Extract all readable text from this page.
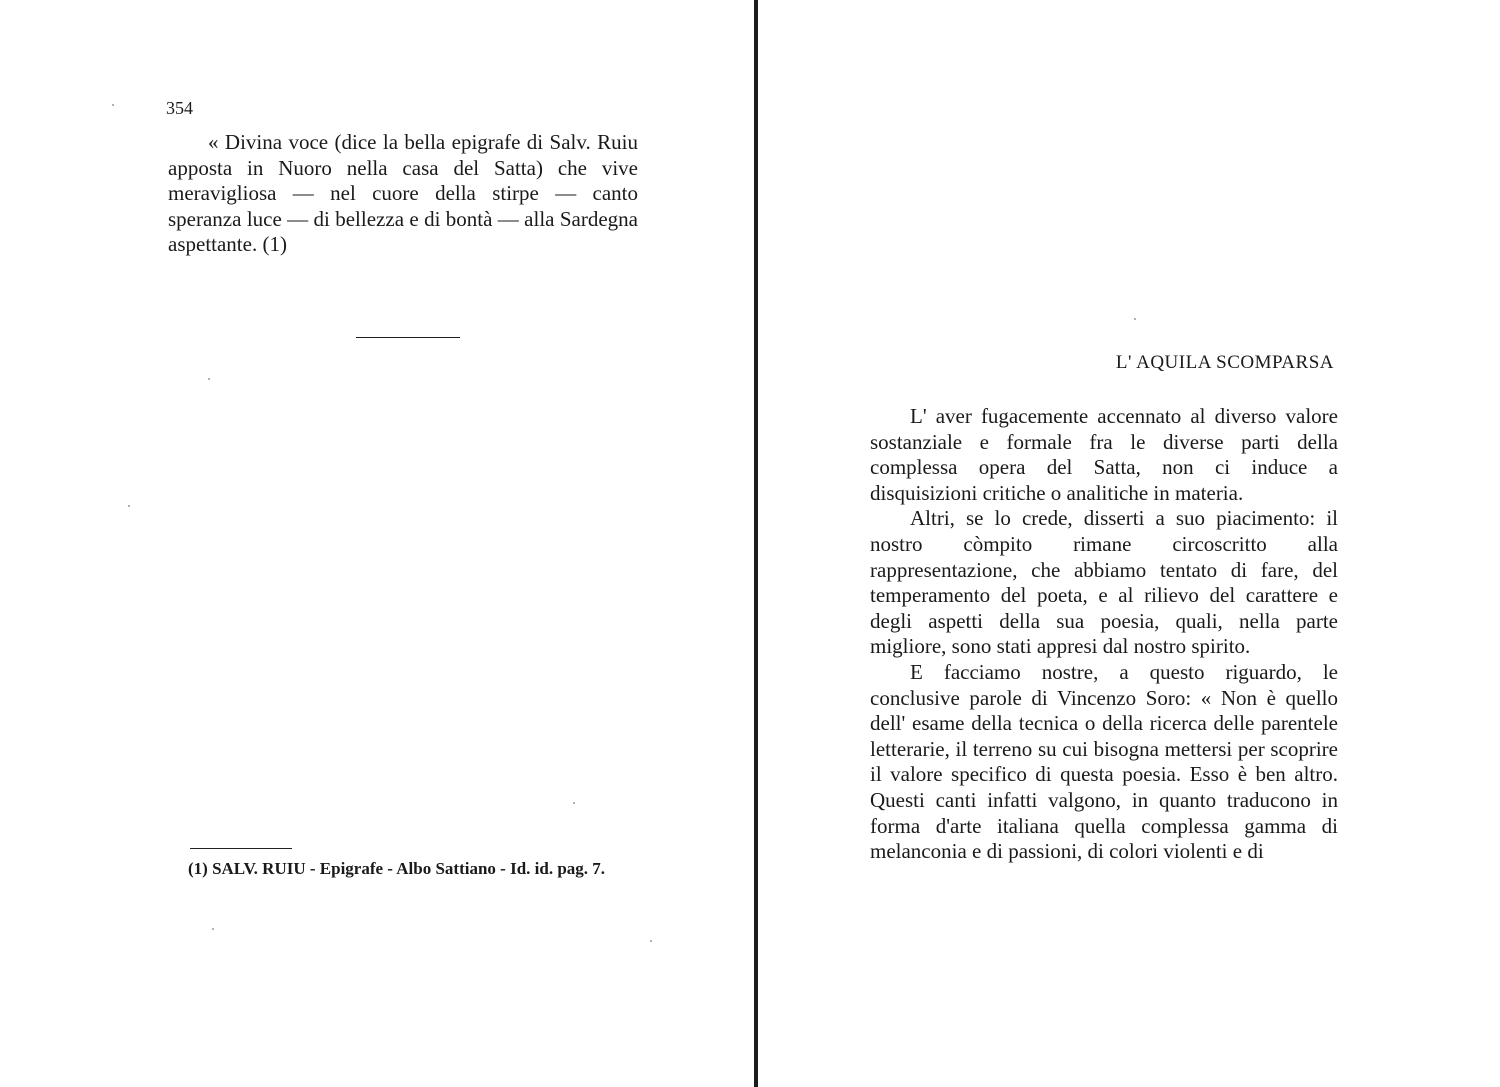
354

« Divina voce (dice la bella epigrafe di Salv. Ruiu apposta in Nuoro nella casa del Satta) che vive meravigliosa — nel cuore della stirpe — canto speranza luce — di bellezza e di bontà — alla Sardegna aspettante. (1)

(1) SALV. RUIU - Epigrafe - Albo Sattiano - Id. id. pag. 7.

L' AQUILA SCOMPARSA

L' aver fugacemente accennato al diverso valore sostanziale e formale fra le diverse parti della complessa opera del Satta, non ci induce a disquisizioni critiche o analitiche in materia.

Altri, se lo crede, disserti a suo piacimento: il nostro còmpito rimane circoscritto alla rappresentazione, che abbiamo tentato di fare, del temperamento del poeta, e al rilievo del carattere e degli aspetti della sua poesia, quali, nella parte migliore, sono stati appresi dal nostro spirito.

E facciamo nostre, a questo riguardo, le conclusive parole di Vincenzo Soro: « Non è quello dell' esame della tecnica o della ricerca delle parentele letterarie, il terreno su cui bisogna mettersi per scoprire il valore specifico di questa poesia. Esso è ben altro. Questi canti infatti valgono, in quanto traducono in forma d'arte italiana quella complessa gamma di melanconia e di passioni, di colori violenti e di
